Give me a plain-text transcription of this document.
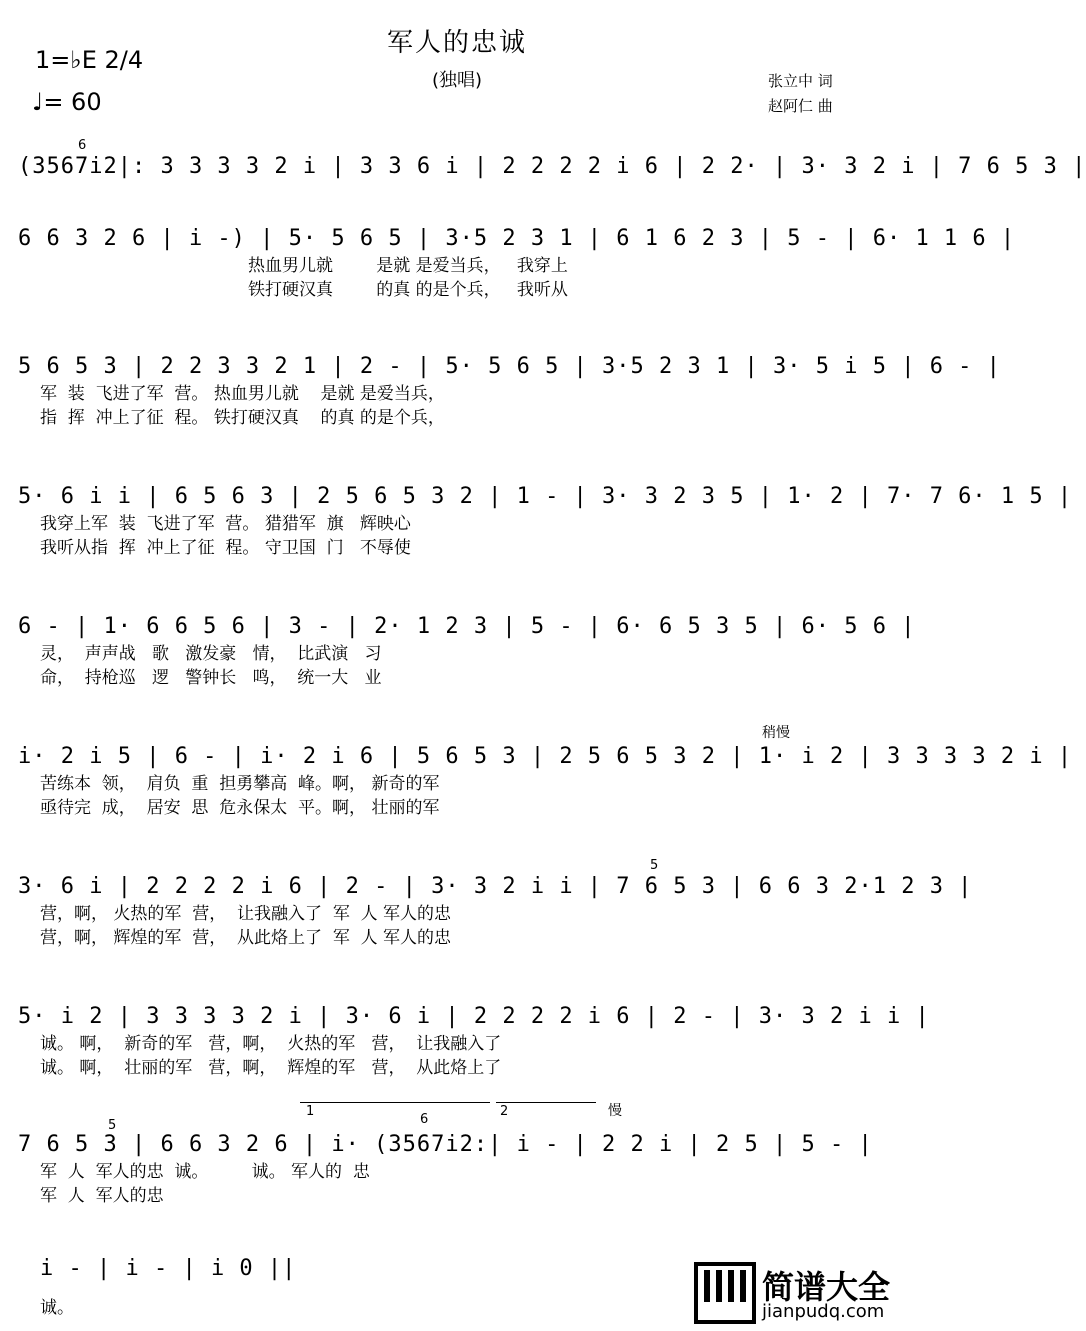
军人的忠诚
(独唱)
1=♭E 2/4
♩= 60
张立中 词
赵阿仁 曲
6
(3567i2|: 3 3 3 3 2 i | 3 3 6 i | 2 2 2 2 i 6 | 2 2· | 3· 3 2 i | 7 6 5 3 |
6 6 3 2 6 | i -) | 5· 5 6 5 | 3·5 2 3 1 | 6 1 6 2 3 | 5 - | 6· 1 1 6 |
热血男儿就        是就 是爱当兵，   我穿上
铁打硬汉真        的真 的是个兵，   我听从
5 6 5 3 | 2 2 3 3 2 1 | 2 - | 5· 5 6 5 | 3·5 2 3 1 | 3· 5 i 5 | 6 - |
军  装  飞进了军  营。 热血男儿就    是就 是爱当兵，
指  挥  冲上了征  程。 铁打硬汉真    的真 的是个兵，
5· 6 i i | 6 5 6 3 | 2 5 6 5 3 2 | 1 - | 3· 3 2 3 5 | 1· 2 | 7· 7 6· 1 5 |
我穿上军  装  飞进了军  营。 猎猎军  旗   辉映心
我听从指  挥  冲上了征  程。 守卫国  门   不辱使
6 - | 1· 6 6 5 6 | 3 - | 2· 1 2 3 | 5 - | 6· 6 5 3 5 | 6· 5 6 |
灵，  声声战   歌   激发豪   情，  比武演   习
命，  持枪巡   逻   警钟长   鸣，  统一大   业
稍慢
i· 2 i 5 | 6 - | i· 2 i 6 | 5 6 5 3 | 2 5 6 5 3 2 | 1· i 2 | 3 3 3 3 2 i |
苦练本  领，  肩负  重  担勇攀高  峰。啊， 新奇的军
亟待完  成，  居安  思  危永保太  平。啊， 壮丽的军
5
3· 6 i | 2 2 2 2 i 6 | 2 - | 3· 3 2 i i | 7 6 5 3 | 6 6 3 2·1 2 3 |
营，啊， 火热的军  营，  让我融入了  军  人 军人的忠
营，啊， 辉煌的军  营，  从此烙上了  军  人 军人的忠
5· i 2 | 3 3 3 3 2 i | 3· 6 i | 2 2 2 2 i 6 | 2 - | 3· 3 2 i i |
诚。 啊，  新奇的军   营，啊，  火热的军   营，  让我融入了
诚。 啊，  壮丽的军   营，啊，  辉煌的军   营，  从此烙上了
1	2
6
慢
5
7 6 5 3 | 6 6 3 2 6 | i· (3567i2:| i - | 2 2 i | 2 5 | 5 - |
军  人  军人的忠  诚。        诚。 军人的  忠
军  人  军人的忠
i - | i - | i 0 ||
诚。
简谱大全
jianpudq.com
